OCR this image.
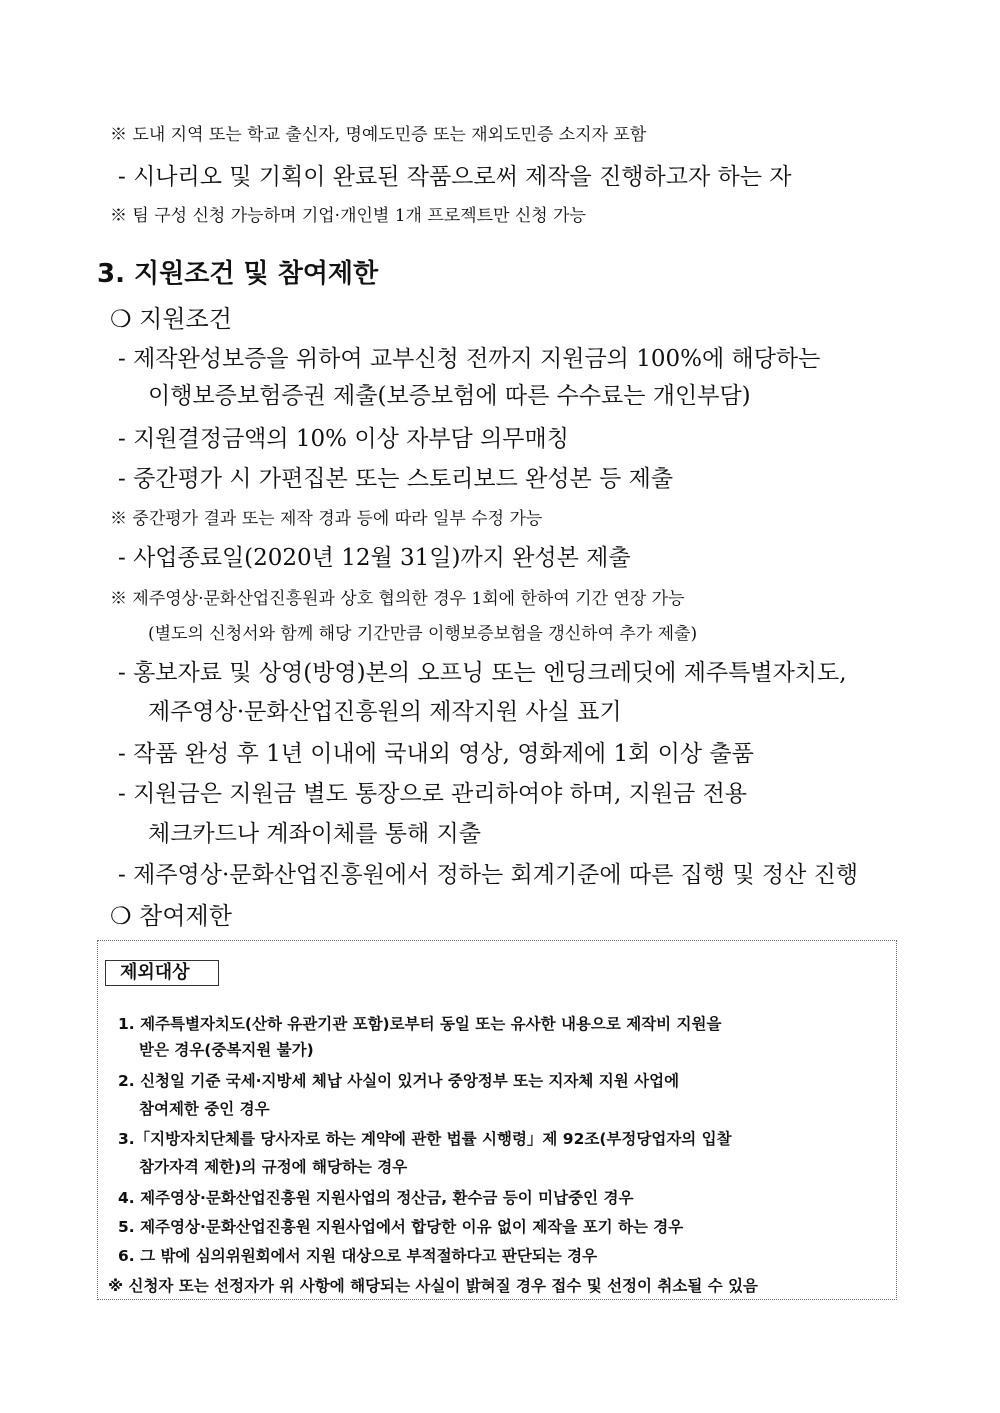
※ 도내 지역 또는 학교 출신자, 명예도민증 또는 재외도민증 소지자 포함
- 시나리오 및 기획이 완료된 작품으로써 제작을 진행하고자 하는 자
※ 팀 구성 신청 가능하며 기업·개인별 1개 프로젝트만 신청 가능
3. 지원조건 및 참여제한
❍ 지원조건
- 제작완성보증을 위하여 교부신청 전까지 지원금의 100%에 해당하는
이행보증보험증권 제출(보증보험에 따른 수수료는 개인부담)
- 지원결정금액의 10% 이상 자부담 의무매칭
- 중간평가 시 가편집본 또는 스토리보드 완성본 등 제출
※ 중간평가 결과 또는 제작 경과 등에 따라 일부 수정 가능
- 사업종료일(2020년 12월 31일)까지 완성본 제출
※ 제주영상·문화산업진흥원과 상호 협의한 경우 1회에 한하여 기간 연장 가능
(별도의 신청서와 함께 해당 기간만큼 이행보증보험을 갱신하여 추가 제출)
- 홍보자료 및 상영(방영)본의 오프닝 또는 엔딩크레딧에 제주특별자치도,
제주영상·문화산업진흥원의 제작지원 사실 표기
- 작품 완성 후 1년 이내에 국내외 영상, 영화제에 1회 이상 출품
- 지원금은 지원금 별도 통장으로 관리하여야 하며, 지원금 전용
체크카드나 계좌이체를 통해 지출
- 제주영상·문화산업진흥원에서 정하는 회계기준에 따른 집행 및 정산 진행
❍ 참여제한
제외대상
1. 제주특별자치도(산하 유관기관 포함)로부터 동일 또는 유사한 내용으로 제작비 지원을
받은 경우(중복지원 불가)
2. 신청일 기준 국세·지방세 체납 사실이 있거나 중앙정부 또는 지자체 지원 사업에
참여제한 중인 경우
3.「지방자치단체를 당사자로 하는 계약에 관한 법률 시행령」제 92조(부정당업자의 입찰
참가자격 제한)의 규정에 해당하는 경우
4. 제주영상·문화산업진흥원 지원사업의 정산금, 환수금 등이 미납중인 경우
5. 제주영상·문화산업진흥원 지원사업에서 합당한 이유 없이 제작을 포기 하는 경우
6. 그 밖에 심의위원회에서 지원 대상으로 부적절하다고 판단되는 경우
※ 신청자 또는 선정자가 위 사항에 해당되는 사실이 밝혀질 경우 접수 및 선정이 취소될 수 있음
